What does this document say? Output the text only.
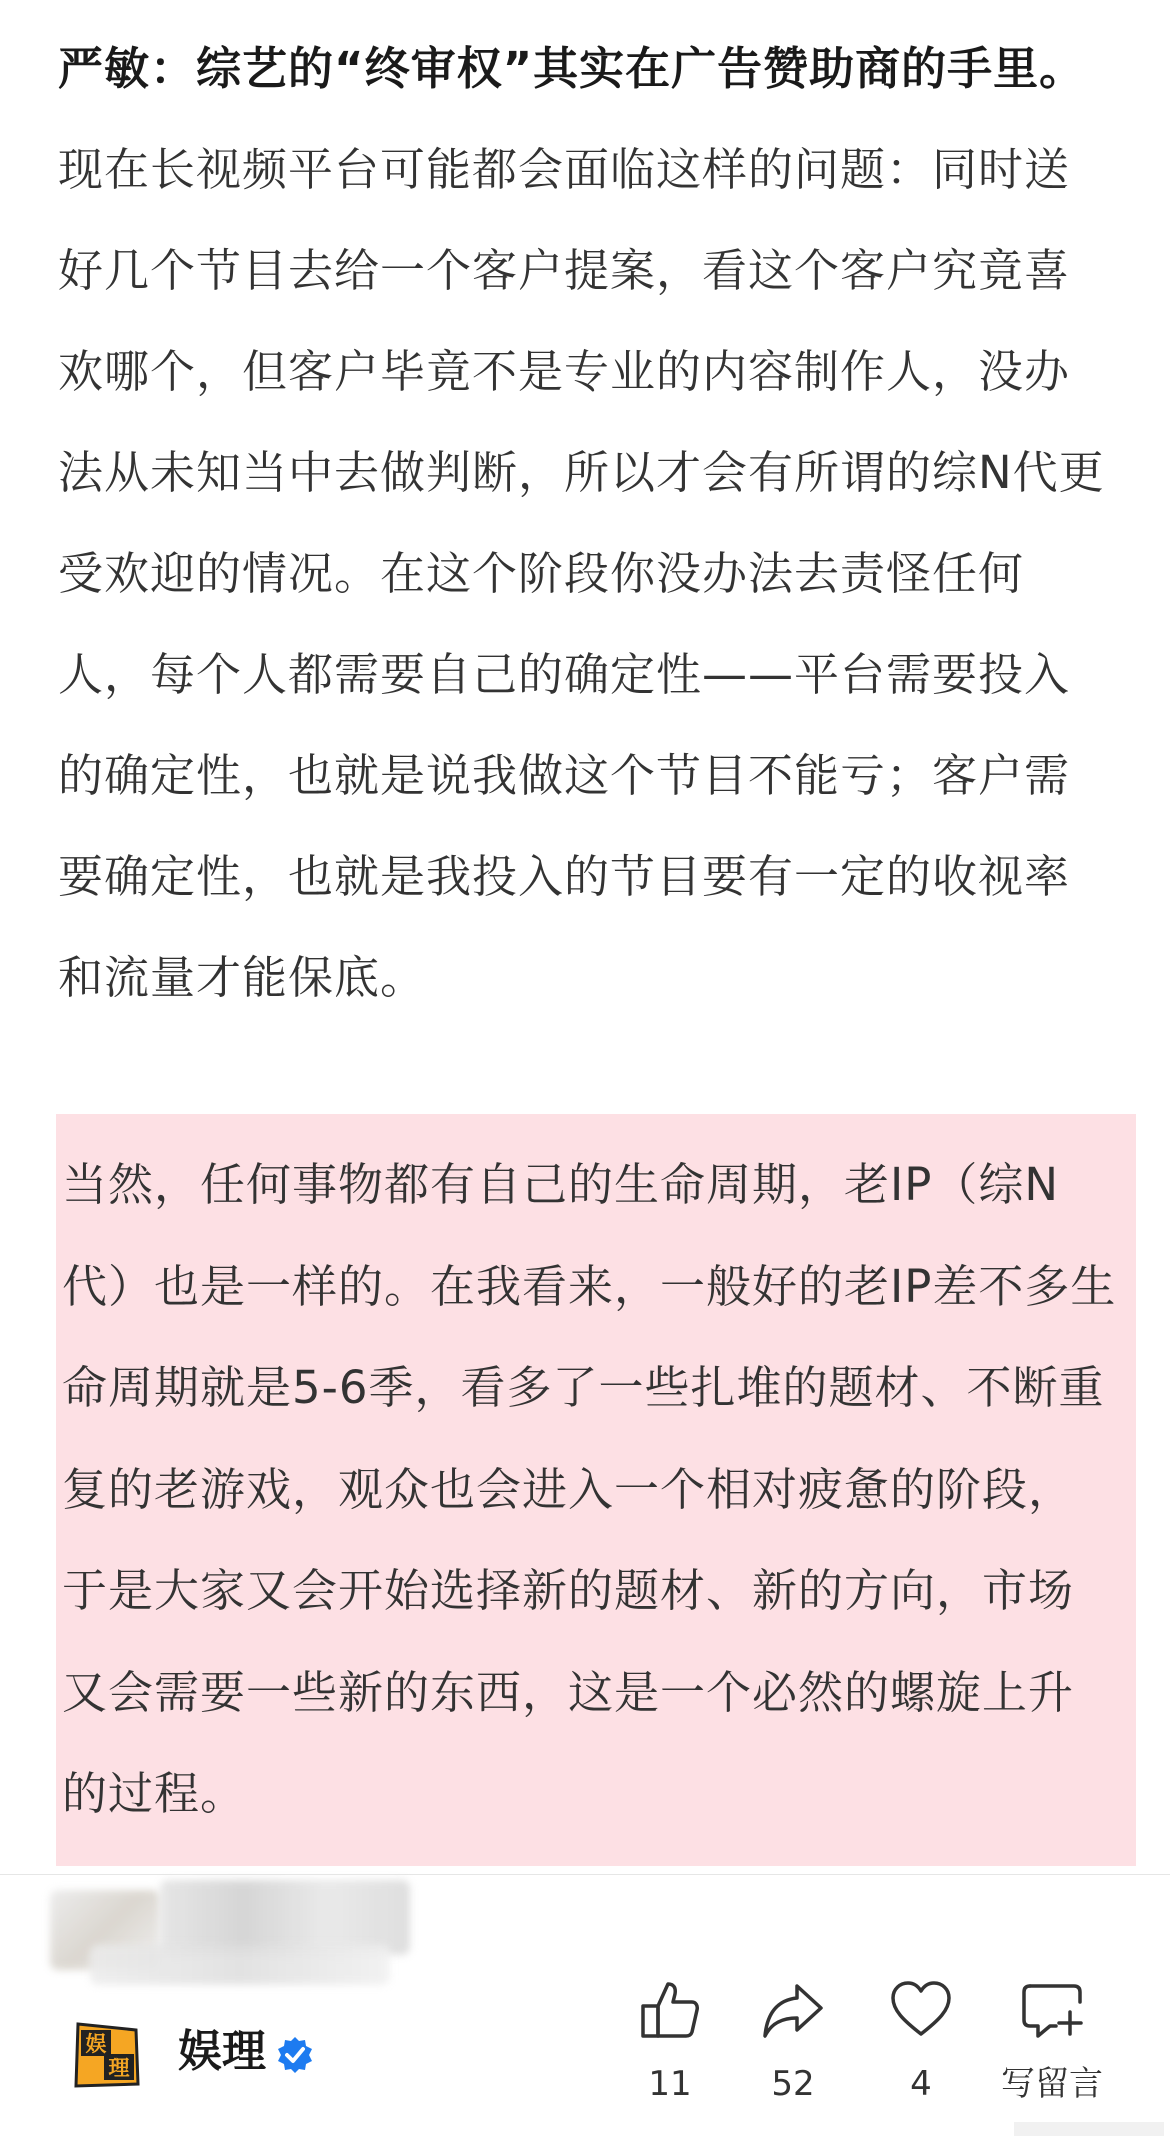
严敏：综艺的“终审权”其实在广告赞助商的手里。现在长视频平台可能都会面临这样的问题：同时送好几个节目去给一个客户提案，看这个客户究竟喜欢哪个，但客户毕竟不是专业的内容制作人，没办法从未知当中去做判断，所以才会有所谓的综N代更受欢迎的情况。在这个阶段你没办法去责怪任何人，每个人都需要自己的确定性——平台需要投入的确定性，也就是说我做这个节目不能亏；客户需要确定性，也就是我投入的节目要有一定的收视率和流量才能保底。

当然，任何事物都有自己的生命周期，老IP（综N代）也是一样的。在我看来，一般好的老IP差不多生命周期就是5-6季，看多了一些扎堆的题材、不断重复的老游戏，观众也会进入一个相对疲惫的阶段，于是大家又会开始选择新的题材、新的方向，市场又会需要一些新的东西，这是一个必然的螺旋上升的过程。

娱
理 娱理
11	52	4	写留言
